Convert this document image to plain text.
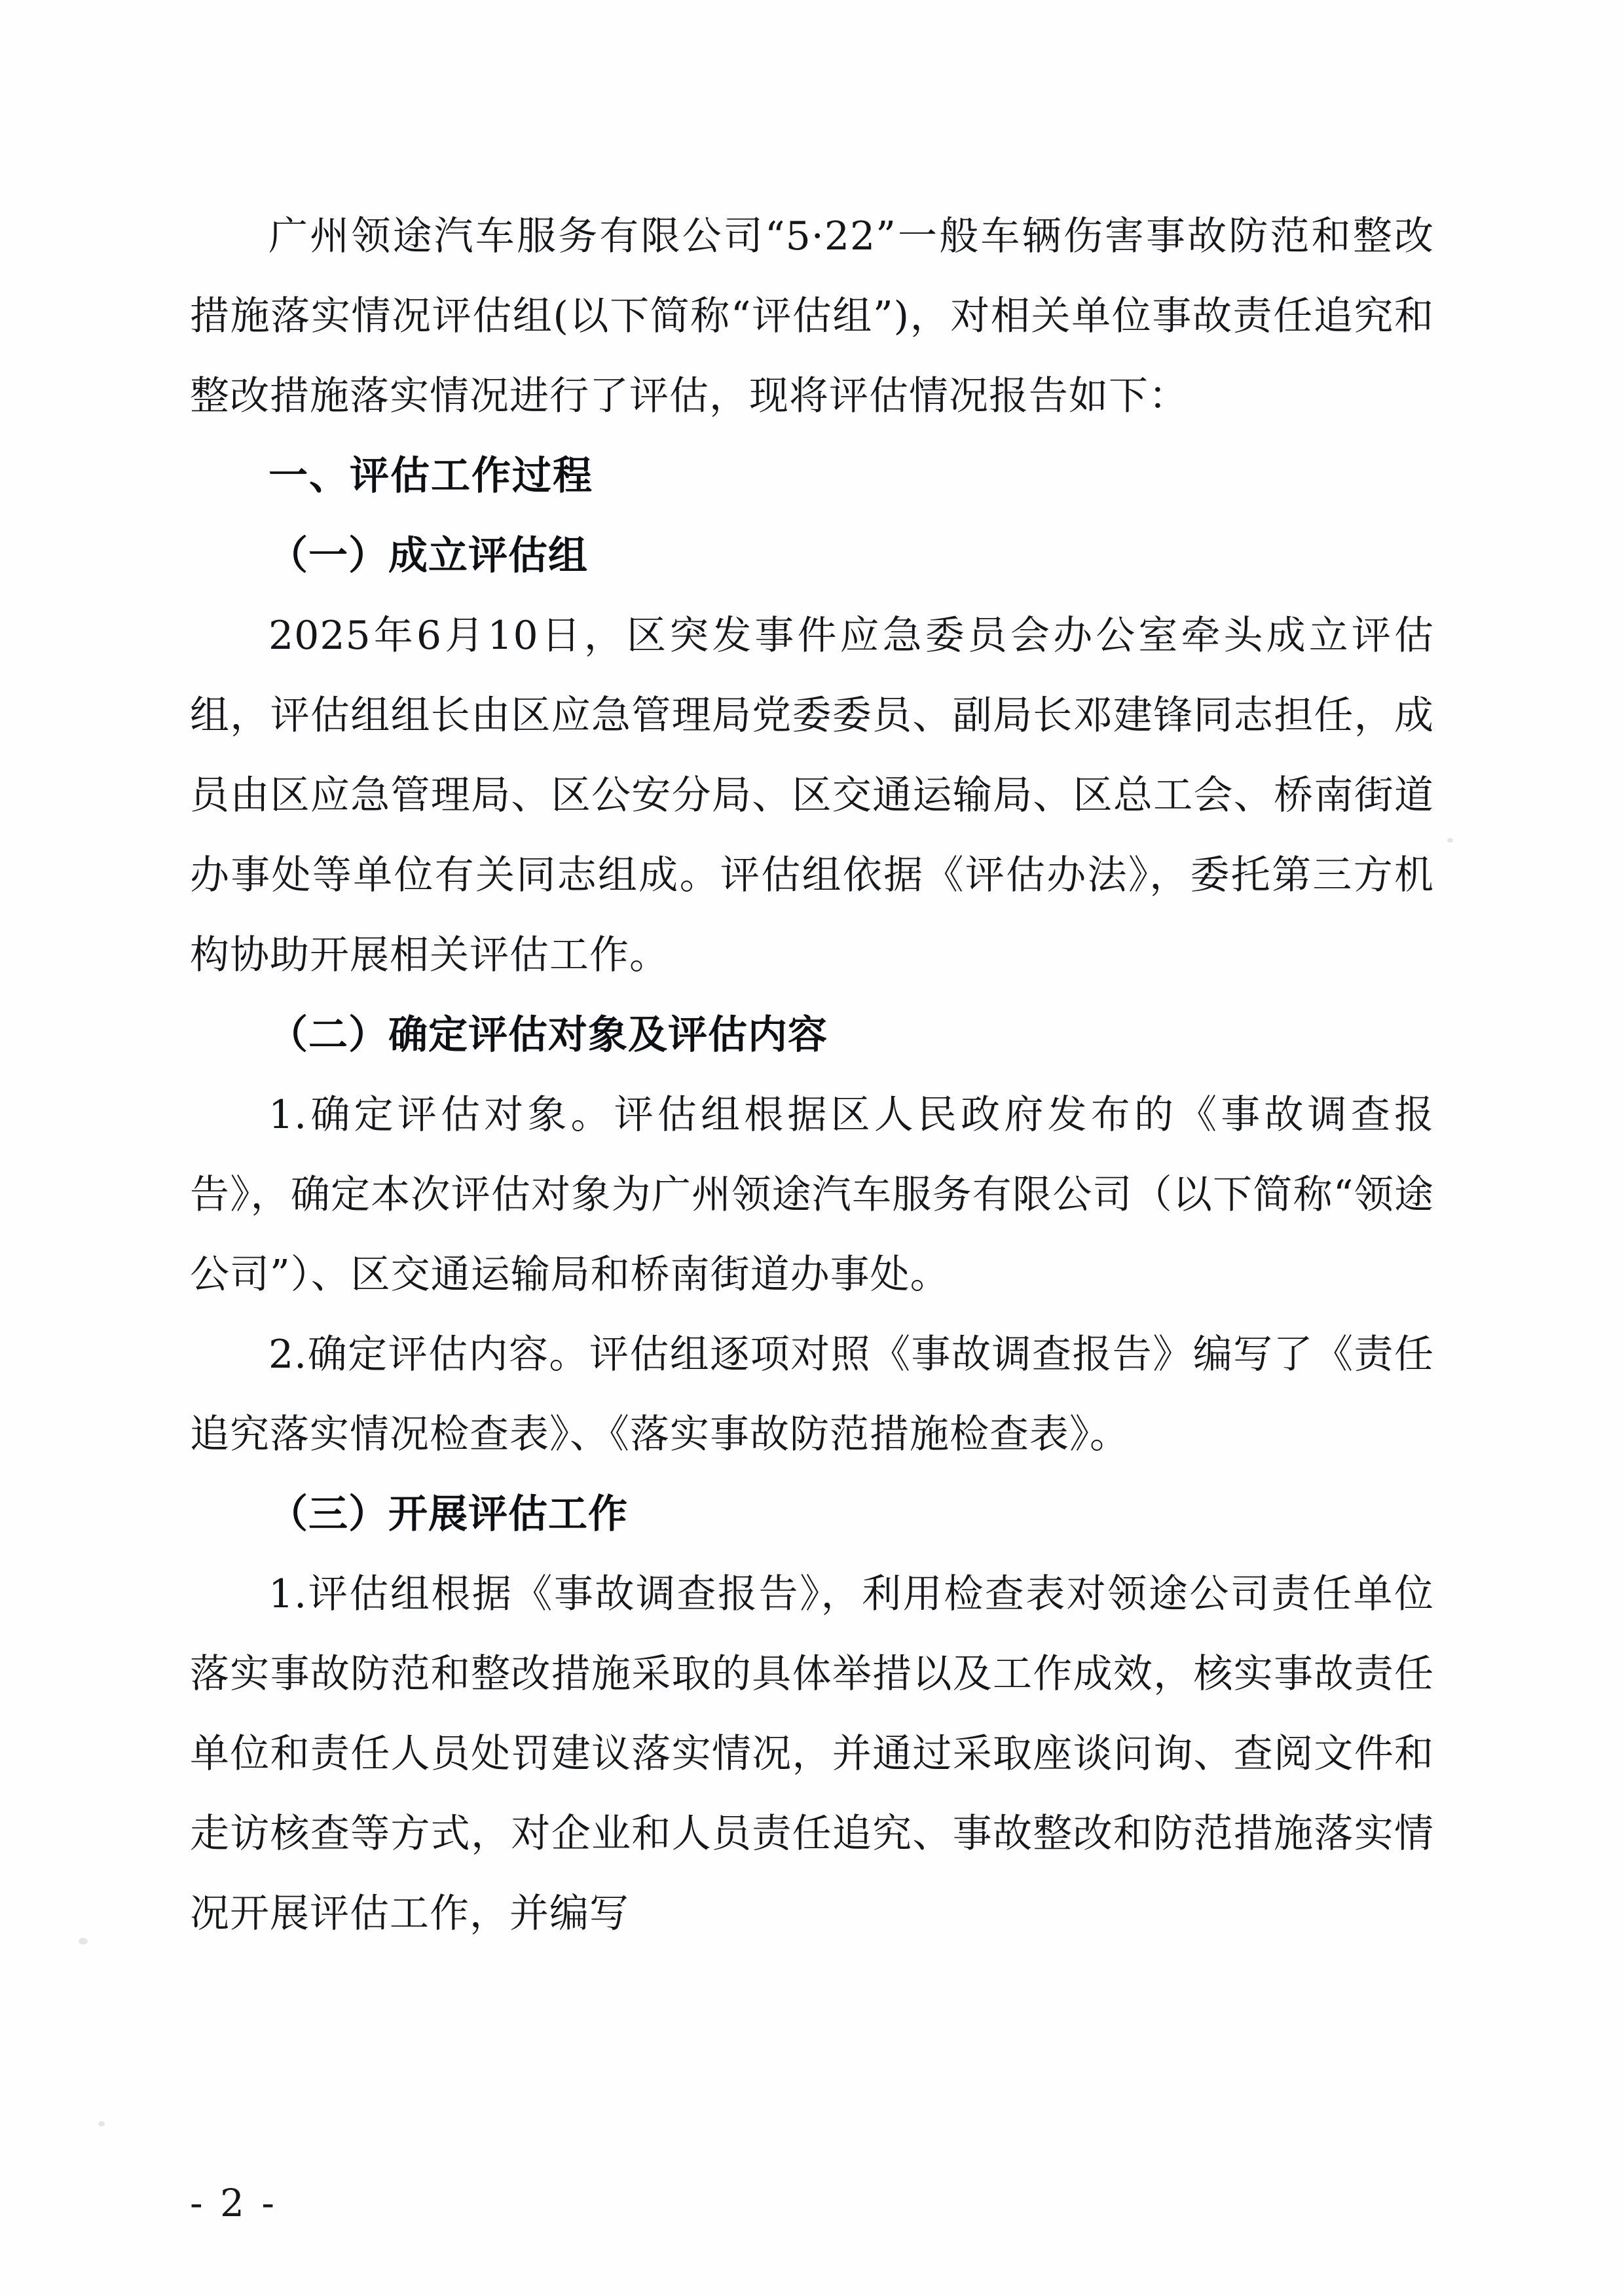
广州领途汽车服务有限公司“5·22”一般车辆伤害事故防范和整改措施落实情况评估组(以下简称“评估组”)，对相关单位事故责任追究和整改措施落实情况进行了评估，现将评估情况报告如下：

一、评估工作过程

（一）成立评估组

2025年6月10日，区突发事件应急委员会办公室牵头成立评估组，评估组组长由区应急管理局党委委员、副局长邓建锋同志担任，成员由区应急管理局、区公安分局、区交通运输局、区总工会、桥南街道办事处等单位有关同志组成。评估组依据《评估办法》，委托第三方机构协助开展相关评估工作。

（二）确定评估对象及评估内容

1.确定评估对象。评估组根据区人民政府发布的《事故调查报告》，确定本次评估对象为广州领途汽车服务有限公司（以下简称“领途公司”）、区交通运输局和桥南街道办事处。

2.确定评估内容。评估组逐项对照《事故调查报告》编写了《责任追究落实情况检查表》、《落实事故防范措施检查表》。

（三）开展评估工作

1.评估组根据《事故调查报告》，利用检查表对领途公司责任单位落实事故防范和整改措施采取的具体举措以及工作成效，核实事故责任单位和责任人员处罚建议落实情况，并通过采取座谈问询、查阅文件和走访核查等方式，对企业和人员责任追究、事故整改和防范措施落实情况开展评估工作，并编写

- 2 -
